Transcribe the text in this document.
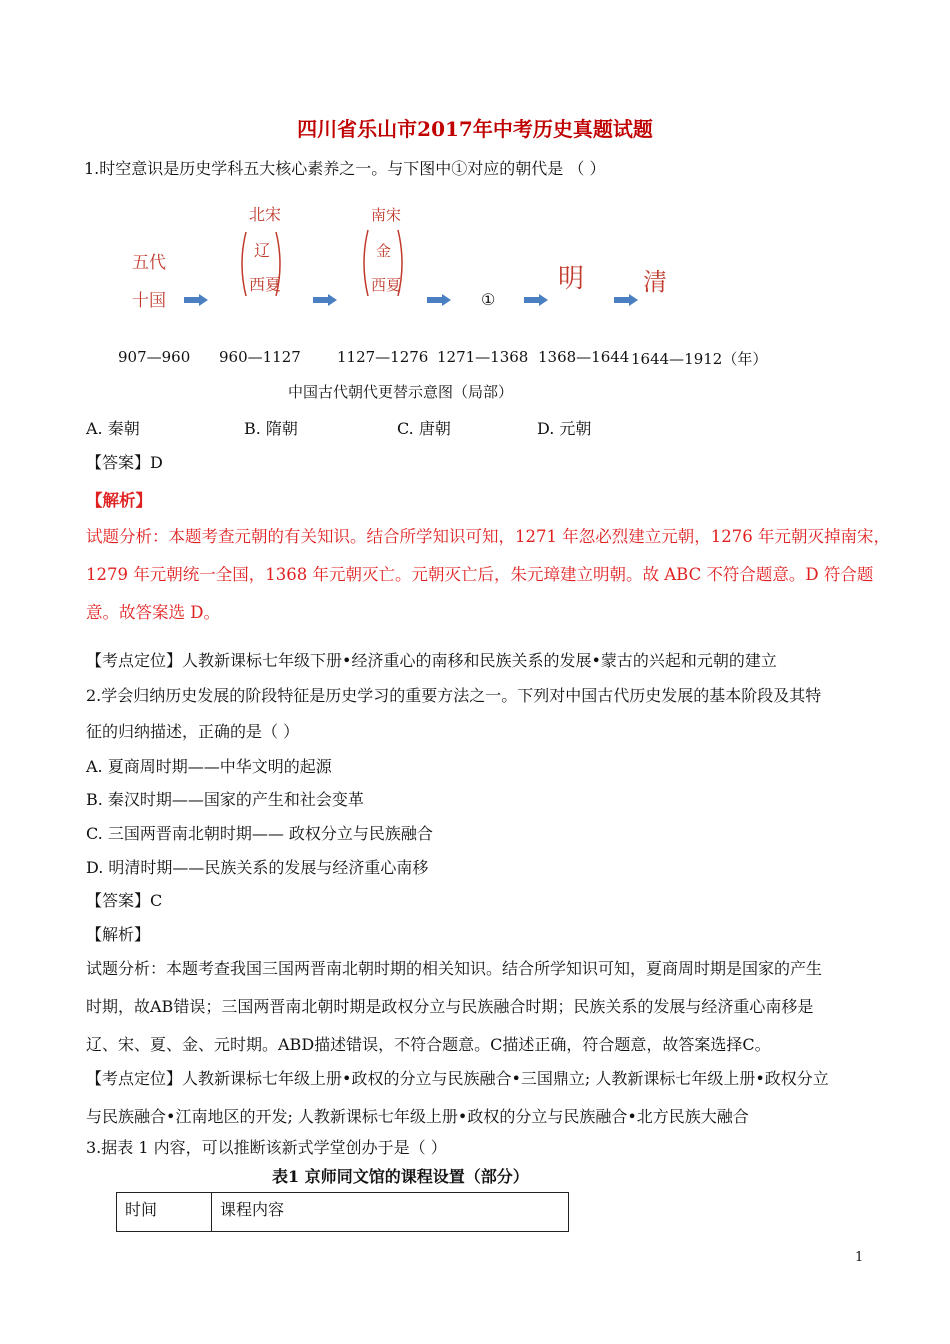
四川省乐山市2017年中考历史真题试题
1.时空意识是历史学科五大核心素养之一。与下图中①对应的朝代是 （ ）
五代
十国
北宋
辽
西夏
南宋
金
西夏
①
明 清
907—960 960—1127 1127—1276 1271—1368 1368—1644 1644—1912（年）
中国古代朝代更替示意图（局部）
A. 秦朝	B. 隋朝	C. 唐朝	D. 元朝
【答案】D
【解析】
试题分析：本题考查元朝的有关知识。结合所学知识可知，1271 年忽必烈建立元朝，1276 年元朝灭掉南宋，
1279 年元朝统一全国，1368 年元朝灭亡。元朝灭亡后，朱元璋建立明朝。故 ABC 不符合题意。D 符合题
意。故答案选 D。
【考点定位】人教新课标七年级下册•经济重心的南移和民族关系的发展•蒙古的兴起和元朝的建立
2.学会归纳历史发展的阶段特征是历史学习的重要方法之一。下列对中国古代历史发展的基本阶段及其特
征的归纳描述，正确的是（ ）
A. 夏商周时期——中华文明的起源
B. 秦汉时期——国家的产生和社会变革
C. 三国两晋南北朝时期—— 政权分立与民族融合
D. 明清时期——民族关系的发展与经济重心南移
【答案】C
【解析】
试题分析：本题考查我国三国两晋南北朝时期的相关知识。结合所学知识可知，夏商周时期是国家的产生
时期，故AB错误；三国两晋南北朝时期是政权分立与民族融合时期；民族关系的发展与经济重心南移是
辽、宋、夏、金、元时期。ABD描述错误，不符合题意。C描述正确，符合题意，故答案选择C。
【考点定位】人教新课标七年级上册•政权的分立与民族融合•三国鼎立; 人教新课标七年级上册•政权分立
与民族融合•江南地区的开发; 人教新课标七年级上册•政权的分立与民族融合•北方民族大融合
3.据表 1 内容，可以推断该新式学堂创办于是（ ）
表1 京师同文馆的课程设置（部分）
时间	课程内容
1
